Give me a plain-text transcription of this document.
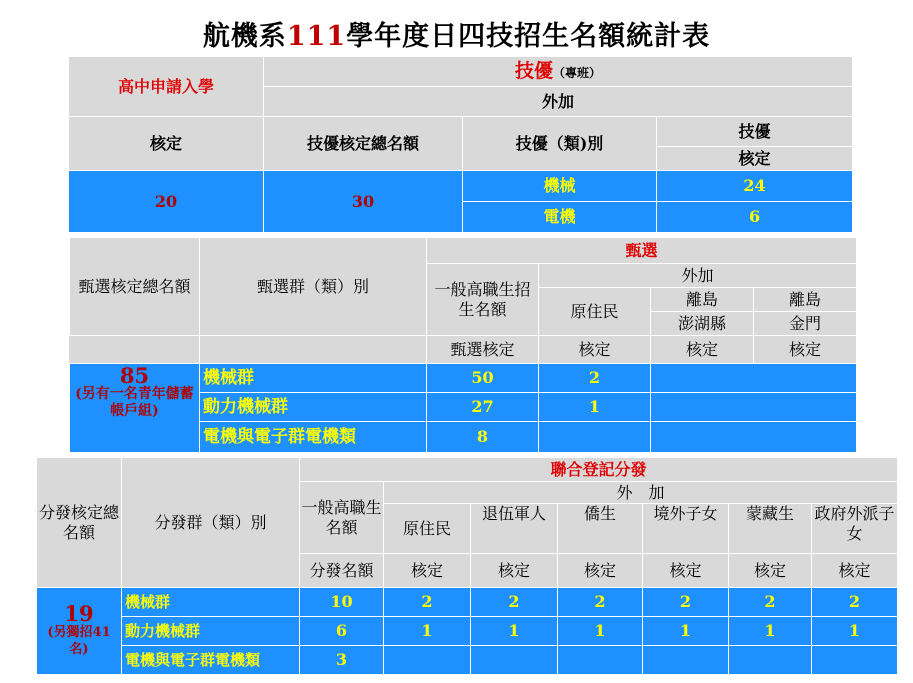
航機系111學年度日四技招生名額統計表
高中申請入學	技優（專班）		
	外加		
核定	技優核定總名額	技優（類)別	技優
			核定
20	30	機械	24
		電機	6
甄選核定總名額	甄選群（類）別	甄選			
		一般高職生招生名額	外加		
			原住民	離島	離島
				澎湖縣	金門
		甄選核定	核定	核定	核定

85
(另有一名青年儲蓄帳戶組)	機械群	50	2		
	動力機械群	27	1		
	電機與電子群電機類	8			
分發核定總名額	分發群（類）別	聯合登記分發						
		一般高職生名額	外　加					
			原住民	退伍軍人	僑生	境外子女	蒙藏生	政府外派子女
		分發名額	核定	核定	核定	核定	核定	核定

19
(另獨招41名)	機械群	10	2	2	2	2	2	2
	動力機械群	6	1	1	1	1	1	1
	電機與電子群電機類	3						
